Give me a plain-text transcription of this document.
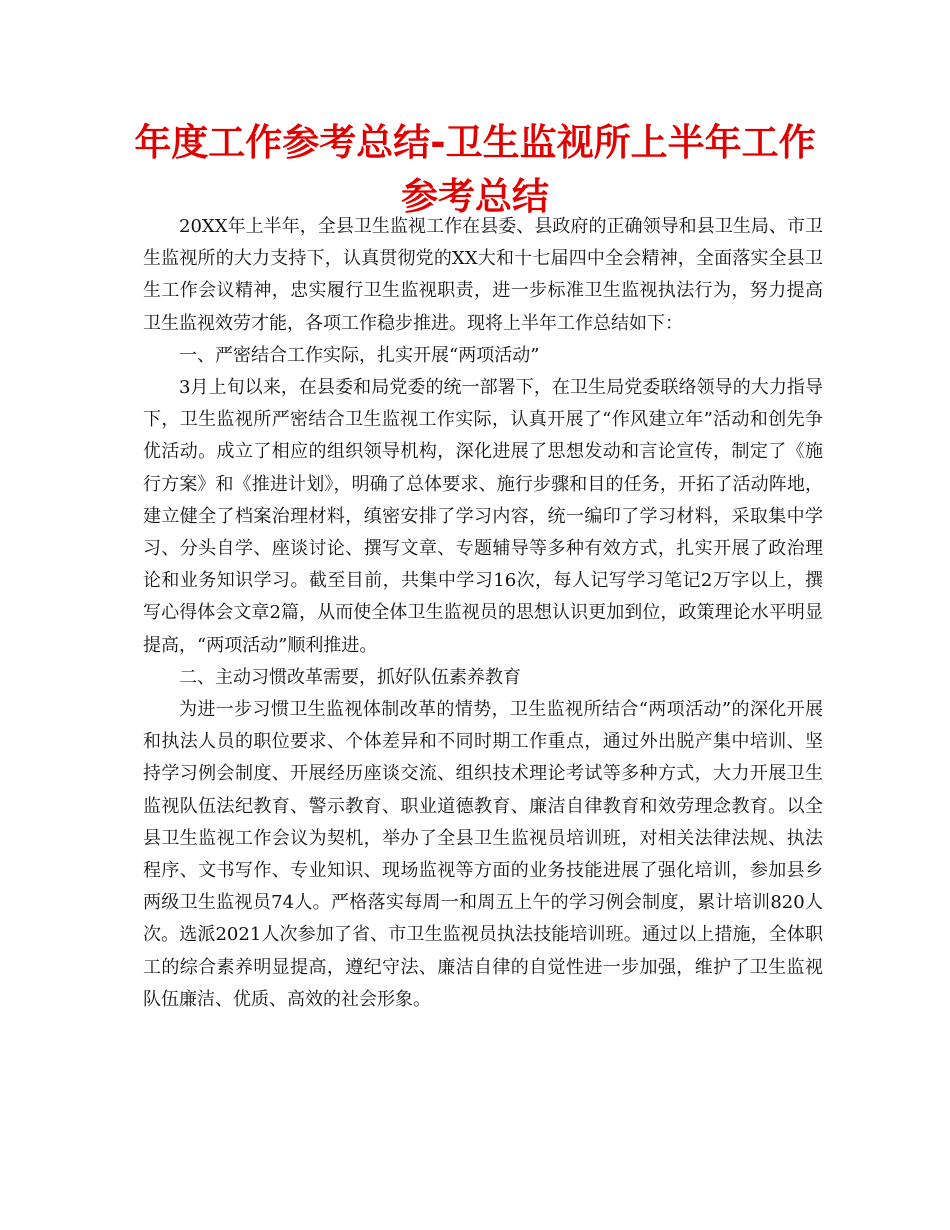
年度工作参考总结-卫生监视所上半年工作参考总结

20XX年上半年，全县卫生监视工作在县委、县政府的正确领导和县卫生局、市卫生监视所的大力支持下，认真贯彻党的XX大和十七届四中全会精神，全面落实全县卫生工作会议精神，忠实履行卫生监视职责，进一步标准卫生监视执法行为，努力提高卫生监视效劳才能，各项工作稳步推进。现将上半年工作总结如下：

一、严密结合工作实际，扎实开展“两项活动”

3月上旬以来，在县委和局党委的统一部署下，在卫生局党委联络领导的大力指导下，卫生监视所严密结合卫生监视工作实际，认真开展了“作风建立年”活动和创先争优活动。成立了相应的组织领导机构，深化进展了思想发动和言论宣传，制定了《施行方案》和《推进计划》，明确了总体要求、施行步骤和目的任务，开拓了活动阵地，建立健全了档案治理材料，缜密安排了学习内容，统一编印了学习材料，采取集中学习、分头自学、座谈讨论、撰写文章、专题辅导等多种有效方式，扎实开展了政治理论和业务知识学习。截至目前，共集中学习16次，每人记写学习笔记2万字以上，撰写心得体会文章2篇，从而使全体卫生监视员的思想认识更加到位，政策理论水平明显提高，“两项活动”顺利推进。

二、主动习惯改革需要，抓好队伍素养教育

为进一步习惯卫生监视体制改革的情势，卫生监视所结合“两项活动”的深化开展和执法人员的职位要求、个体差异和不同时期工作重点，通过外出脱产集中培训、坚持学习例会制度、开展经历座谈交流、组织技术理论考试等多种方式，大力开展卫生监视队伍法纪教育、警示教育、职业道德教育、廉洁自律教育和效劳理念教育。以全县卫生监视工作会议为契机，举办了全县卫生监视员培训班，对相关法律法规、执法程序、文书写作、专业知识、现场监视等方面的业务技能进展了强化培训，参加县乡两级卫生监视员74人。严格落实每周一和周五上午的学习例会制度，累计培训820人次。选派2021人次参加了省、市卫生监视员执法技能培训班。通过以上措施，全体职工的综合素养明显提高，遵纪守法、廉洁自律的自觉性进一步加强，维护了卫生监视队伍廉洁、优质、高效的社会形象。
